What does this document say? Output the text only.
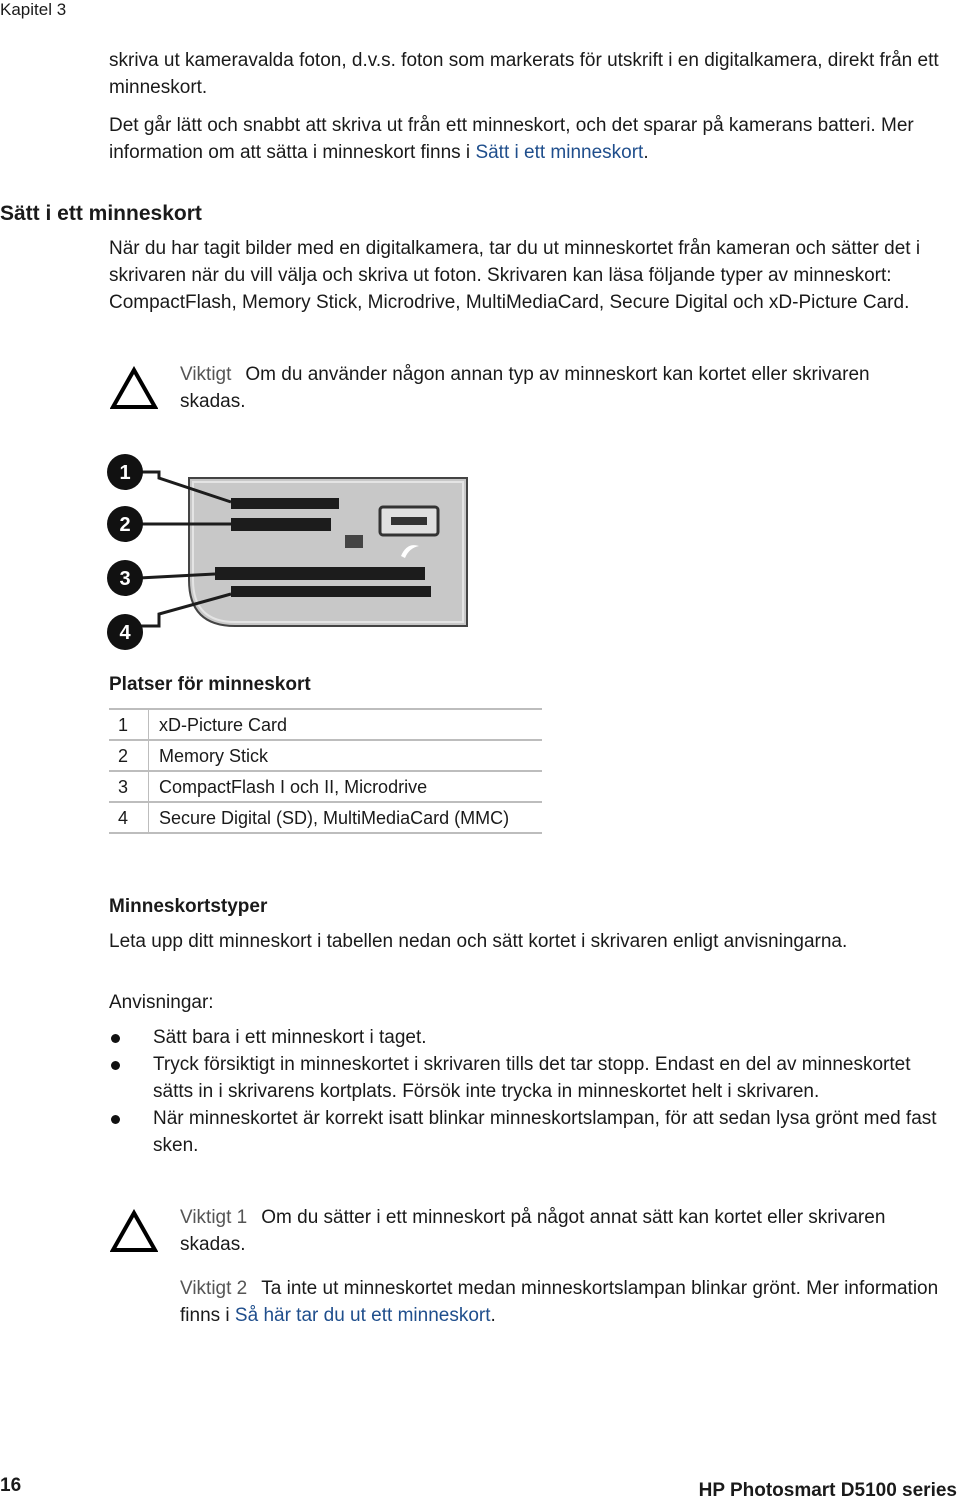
Kapitel 3

skriva ut kameravalda foton, d.v.s. foton som markerats för utskrift i en digitalkamera, direkt från ett minneskort.

Det går lätt och snabbt att skriva ut från ett minneskort, och det sparar på kamerans batteri. Mer information om att sätta i minneskort finns i Sätt i ett minneskort.

Sätt i ett minneskort

När du har tagit bilder med en digitalkamera, tar du ut minneskortet från kameran och sätter det i skrivaren när du vill välja och skriva ut foton. Skrivaren kan läsa följande typer av minneskort: CompactFlash, Memory Stick, Microdrive, MultiMediaCard, Secure Digital och xD-Picture Card.

Viktigt Om du använder någon annan typ av minneskort kan kortet eller skrivaren skadas.

1
2
3
4
Platser för minneskort
1	xD-Picture Card
2	Memory Stick
3	CompactFlash I och II, Microdrive
4	Secure Digital (SD), MultiMediaCard (MMC)
Minneskortstyper

Leta upp ditt minneskort i tabellen nedan och sätt kortet i skrivaren enligt anvisningarna.

Anvisningar:
Sätt bara i ett minneskort i taget.
Tryck försiktigt in minneskortet i skrivaren tills det tar stopp. Endast en del av minneskortet sätts in i skrivarens kortplats. Försök inte trycka in minneskortet helt i skrivaren.
När minneskortet är korrekt isatt blinkar minneskortslampan, för att sedan lysa grönt med fast sken.

Viktigt 1 Om du sätter i ett minneskort på något annat sätt kan kortet eller skrivaren skadas.

Viktigt 2 Ta inte ut minneskortet medan minneskortslampan blinkar grönt. Mer information finns i Så här tar du ut ett minneskort.

16	HP Photosmart D5100 series
